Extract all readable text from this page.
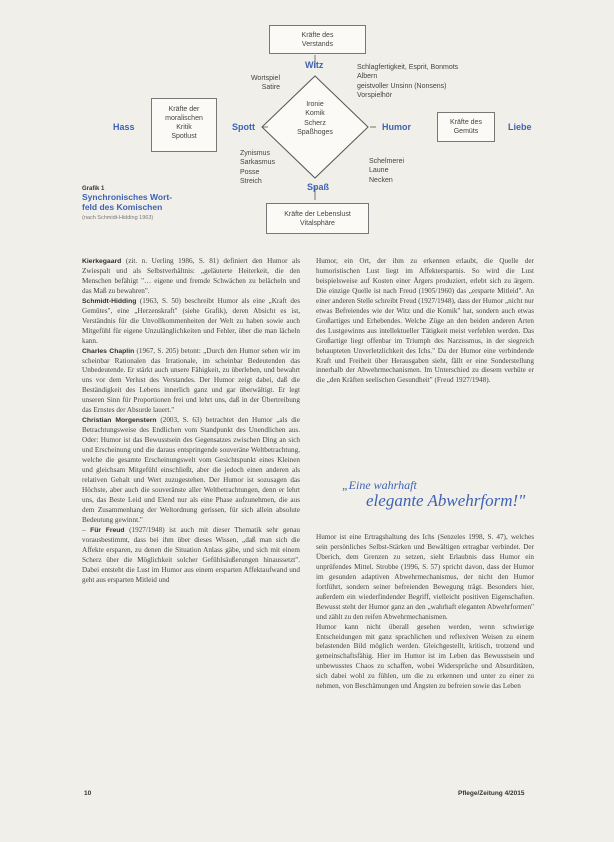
Kräfte des
Verstands
Kräfte der
moralischen
Kritik
Spotlust
Kräfte des
Gemüts
Kräfte der Lebenslust
Vitalsphäre
Ironie
Komik
Scherz
Spaßhoges
Witz
Hass	Spott	Humor	Liebe
Spaß
Wortspiel
Satire
Schlagfertigkeit, Esprit, Bonmots
Albern
geistvoller Unsinn (Nonsens)
Vorspielhör
Zynismus
Sarkasmus
Posse
Streich
Schelmerei
Laune
Necken
Grafik 1
Synchronisches Wort-
feld des Komischen
(nach Schmidt-Hidding 1963)

Kierkegaard (zit. n. Uerling 1986, S. 81) definiert den Humor als Zwiespalt und als Selbstverhältnis: „geläuterte Heiterkeit, die den Menschen befähigt "… eigene und fremde Schwächen zu belächeln und das Maß zu bewahren".

Schmidt-Hidding (1963, S. 50) beschreibt Humor als eine „Kraft des Gemütes", eine „Herzenskraft" (siehe Grafik), deren Absicht es ist, Verständnis für die Unvollkommenheiten der Welt zu haben sowie auch Mitgefühl für eigene Unzulänglichkeiten und Fehler, über die man lächeln kann.

Charles Chaplin (1967, S. 205) betont: „Durch den Humor sehen wir im scheinbar Rationalen das Irrationale, im scheinbar Bedeutenden das Unbedeutende. Er stärkt auch unsere Fähigkeit, zu überleben, und bewahrt uns vor dem Verlust des Verstandes. Der Humor zeigt dabei, daß die Beständigkeit des Lebens innerlich ganz und gar überwältigt. Er legt unseren Sinn für Proportionen frei und lehrt uns, daß in der Übertreibung das Ernstes der Absurde lauert."

Christian Morgenstern (2003, S. 63) betrachtet den Humor „als die Betrachtungsweise des Endlichen vom Standpunkt des Unendlichen aus. Oder: Humor ist das Bewusstsein des Gegensatzes zwischen Ding an sich und Erscheinung und die daraus entspringende souveräne Weltbetrachtung, welche die gesamte Erscheinungswelt vom Gesichtspunkt eines Kleinen und gleichsam Mitgefühl einschließt, aber die jedoch einen anderen als relativen Gehalt und Wert zuzugestehen. Der Humor ist sozusagen das Höchste, aber auch die souveränste aller Weltbetrachtungen, denn er lehrt uns, das Beste Leid und Elend nur als eine Phase aufzunehmen, die aus dem Zusammenhang der Weltordnung gerissen, für sich allein absolute Bedeutung gewinnt."

– Für Freud (1927/1948) ist auch mit dieser Thematik sehr genau vorausbestimmt, dass bei ihm über dieses Wissen, „daß man sich die Affekte ersparen, zu denen die Situation Anlass gäbe, und sich mit einem Scherz über die Möglichkeit solcher Gefühlsäußerungen hinaussetzt". Dabei entsteht die Lust im Humor aus einem ersparten Affektaufwand und geht aus ersparten Mitleid und

Humor, ein Ort, der ihm zu erkennen erlaubt, die Quelle der humoristischen Lust liegt im Affektersparnis. So wird die Lust beispielsweise auf Kosten einer Ärgers produziert, erlebt sich zu ärgern. Die einzige Quelle ist nach Freud (1905/1960) das „ersparte Mitleid". An einer anderen Stelle schreibt Freud (1927/1948), dass der Humor „nicht nur etwas Befreiendes wie der Witz und die Komik" hat, sondern auch etwas Großartiges und Erhebendes. Welche Züge an den beiden anderen Arten des Lustgewinns aus intellektueller Tätigkeit meist verfehlen werden. Das Großartige liegt offenbar im Triumph des Narzissmus, in der siegreich behaupteten Unverletzlichkeit des Ichs." Da der Humor eine verbindende Kraft und Freiheit über Herausgaben sieht, fällt er eine Sonderstellung innerhalb der Abwehrmechanismen. Im Unterschied zu diesem verhüte er die „den Kräften seelischen Gesundheit" (Freud 1927/1948).
„Eine wahrhaft
elegante Abwehrform!"
Humor ist eine Ertragshaltung des Ichs (Senzeles 1998, S. 47), welches sein persönliches Selbst-Stärken und Bewältigen ertragbar verbindet. Der Überich, dem Grenzen zu setzen, sieht Erlaubnis dass Humor ein unprüfendes Mittel. Strobbe (1996, S. 57) spricht davon, dass der Humor im gesunden adaptiven Abwehrmechanismus, der nicht den Humor fortführt, sondern seiner befreienden Bewegung trägt. Besonders hier, außerdem ein wiederfindender Begriff, vielleicht positiven Eigenschaften. Bewusst steht der Humor ganz an den „wahrhaft eleganten Abwehrformen" und zählt zu den reifen Abwehrmechanismen.
Humor kann nicht überall gesehen werden, wenn schwierige Entscheidungen mit ganz sprachlichen und reflexiven Weisen zu einem belastenden Bild möglich werden. Gleichgestellt, kritisch, trotzend und gemeinschaftsfähig. Hier im Humor ist im Leben das Bewusstsein und unbewusstes Chaos zu schaffen, wobei Widersprüche und Absurditäten, sich dabei wohl zu fühlen, um die zu erkennen und unter zu einer zu nehmen, von Beschämungen und Ängsten zu befreien sowie das Leben
10	Pflege/Zeitung 4/2015
